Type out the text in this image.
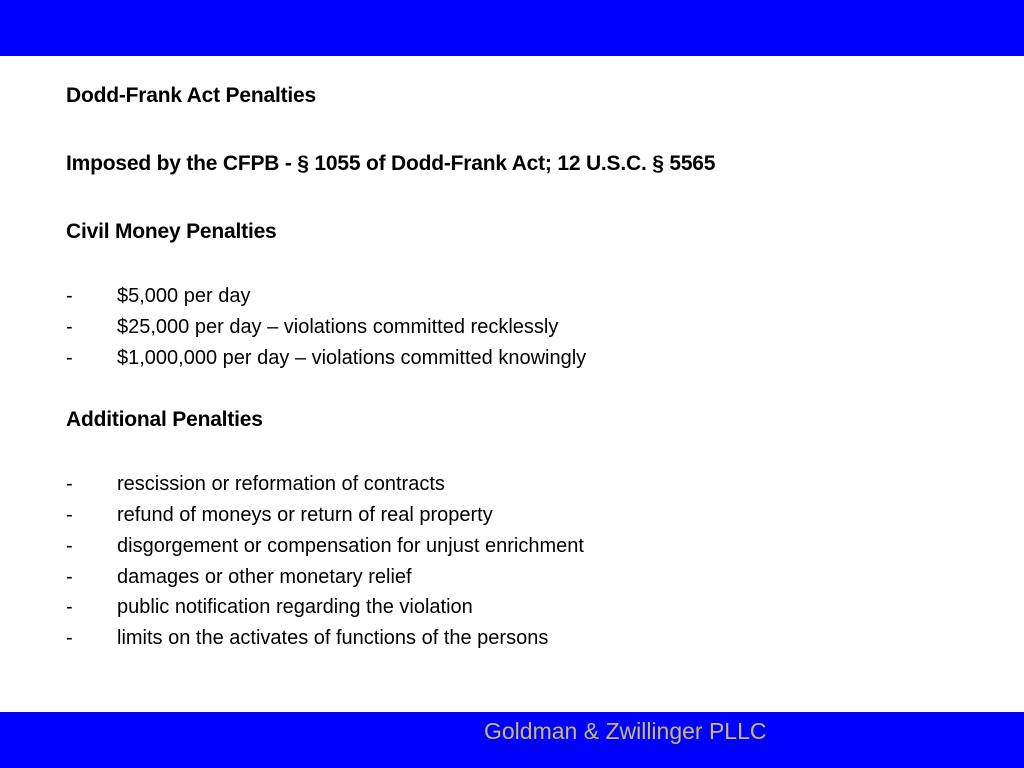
Dodd-Frank Act Penalties
Imposed by the CFPB - § 1055 of Dodd-Frank Act; 12 U.S.C. § 5565
Civil Money Penalties
-	$5,000 per day
-	$25,000 per day – violations committed recklessly
-	$1,000,000 per day – violations committed knowingly
Additional Penalties
-	rescission or reformation of contracts
-	refund of moneys or return of real property
-	disgorgement or compensation for unjust enrichment
-	damages or other monetary relief
-	public notification regarding the violation
-	limits on the activates of functions of the persons
Goldman & Zwillinger PLLC
